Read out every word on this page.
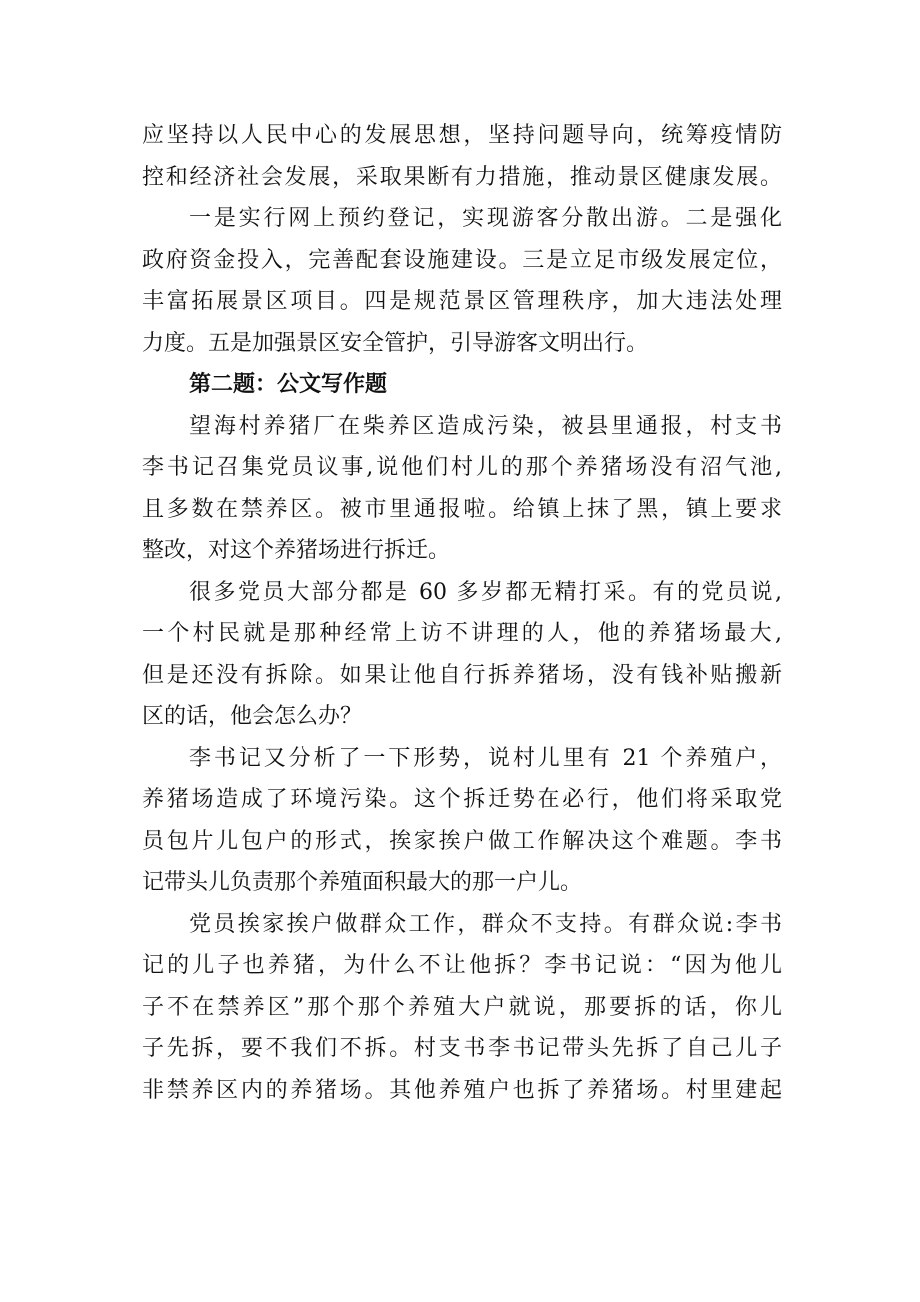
应坚持以人民中心的发展思想，坚持问题导向，统筹疫情防
控和经济社会发展，采取果断有力措施，推动景区健康发展。
一是实行网上预约登记，实现游客分散出游。二是强化
政府资金投入，完善配套设施建设。三是立足市级发展定位，
丰富拓展景区项目。四是规范景区管理秩序，加大违法处理
力度。五是加强景区安全管护，引导游客文明出行。
第二题：公文写作题
望海村养猪厂在柴养区造成污染，被县里通报，村支书
李书记召集党员议事,说他们村儿的那个养猪场没有沼气池,
且多数在禁养区。被市里通报啦。给镇上抹了黑，镇上要求
整改，对这个养猪场进行拆迁。
很多党员大部分都是 60 多岁都无精打采。有的党员说,
一个村民就是那种经常上访不讲理的人，他的养猪场最大,
但是还没有拆除。如果让他自行拆养猪场，没有钱补贴搬新
区的话，他会怎么办？
李书记又分析了一下形势，说村儿里有 21 个养殖户，
养猪场造成了环境污染。这个拆迁势在必行，他们将采取党
员包片儿包户的形式，挨家挨户做工作解决这个难题。李书
记带头儿负责那个养殖面积最大的那一户儿。
党员挨家挨户做群众工作，群众不支持。有群众说:李书
记的儿子也养猪，为什么不让他拆？李书记说：“因为他儿
子不在禁养区”那个那个养殖大户就说，那要拆的话，你儿
子先拆，要不我们不拆。村支书李书记带头先拆了自己儿子
非禁养区内的养猪场。其他养殖户也拆了养猪场。村里建起
